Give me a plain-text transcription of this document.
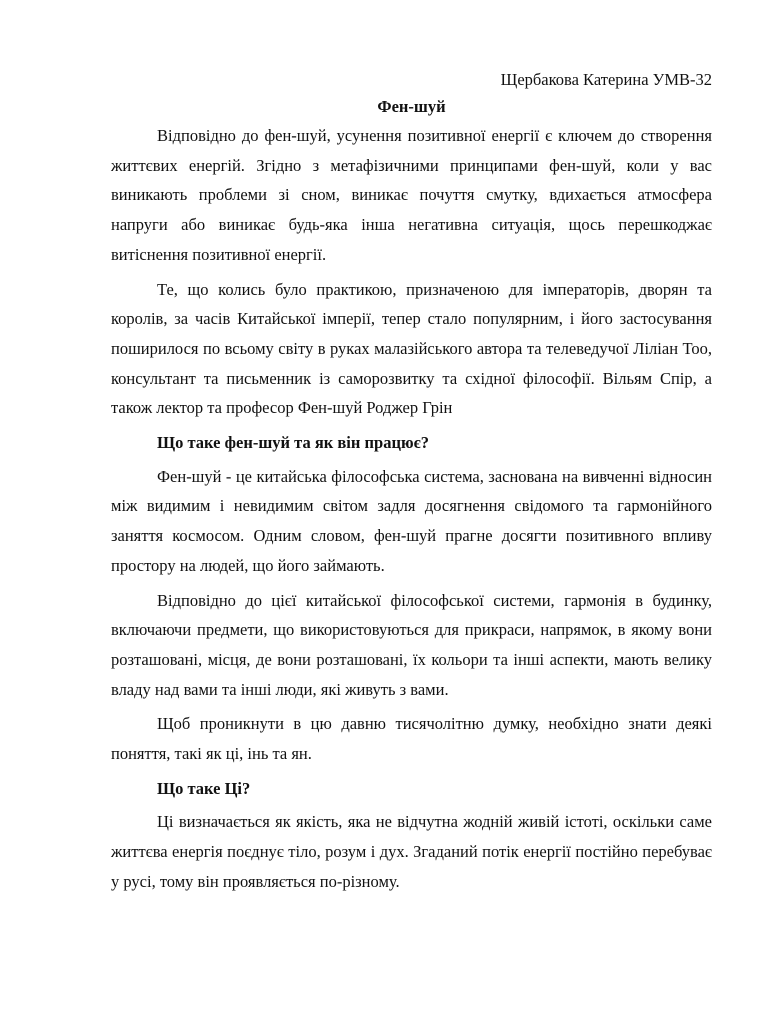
Щербакова Катерина УМВ-32

Фен-шуй

Відповідно до фен-шуй, усунення позитивної енергії є ключем до створення життєвих енергій. Згідно з метафізичними принципами фен-шуй, коли у вас виникають проблеми зі сном, виникає почуття смутку, вдихається атмосфера напруги або виникає будь-яка інша негативна ситуація, щось перешкоджає витіснення позитивної енергії.

Те, що колись було практикою, призначеною для імператорів, дворян та королів, за часів Китайської імперії, тепер стало популярним, і його застосування поширилося по всьому світу в руках малазійського автора та телеведучої Ліліан Тоо, консультант та письменник із саморозвитку та східної філософії. Вільям Спір, а також лектор та професор Фен-шуй Роджер Грін

Що таке фен-шуй та як він працює?

Фен-шуй - це китайська філософська система, заснована на вивченні відносин між видимим і невидимим світом задля досягнення свідомого та гармонійного заняття космосом. Одним словом, фен-шуй прагне досягти позитивного впливу простору на людей, що його займають.

Відповідно до цієї китайської філософської системи, гармонія в будинку, включаючи предмети, що використовуються для прикраси, напрямок, в якому вони розташовані, місця, де вони розташовані, їх кольори та інші аспекти, мають велику владу над вами та інші люди, які живуть з вами.

Щоб проникнути в цю давню тисячолітню думку, необхідно знати деякі поняття, такі як ці, інь та ян.

Що таке Ці?

Ці визначається як якість, яка не відчутна жодній живій істоті, оскільки саме життєва енергія поєднує тіло, розум і дух. Згаданий потік енергії постійно перебуває у русі, тому він проявляється по-різному.
